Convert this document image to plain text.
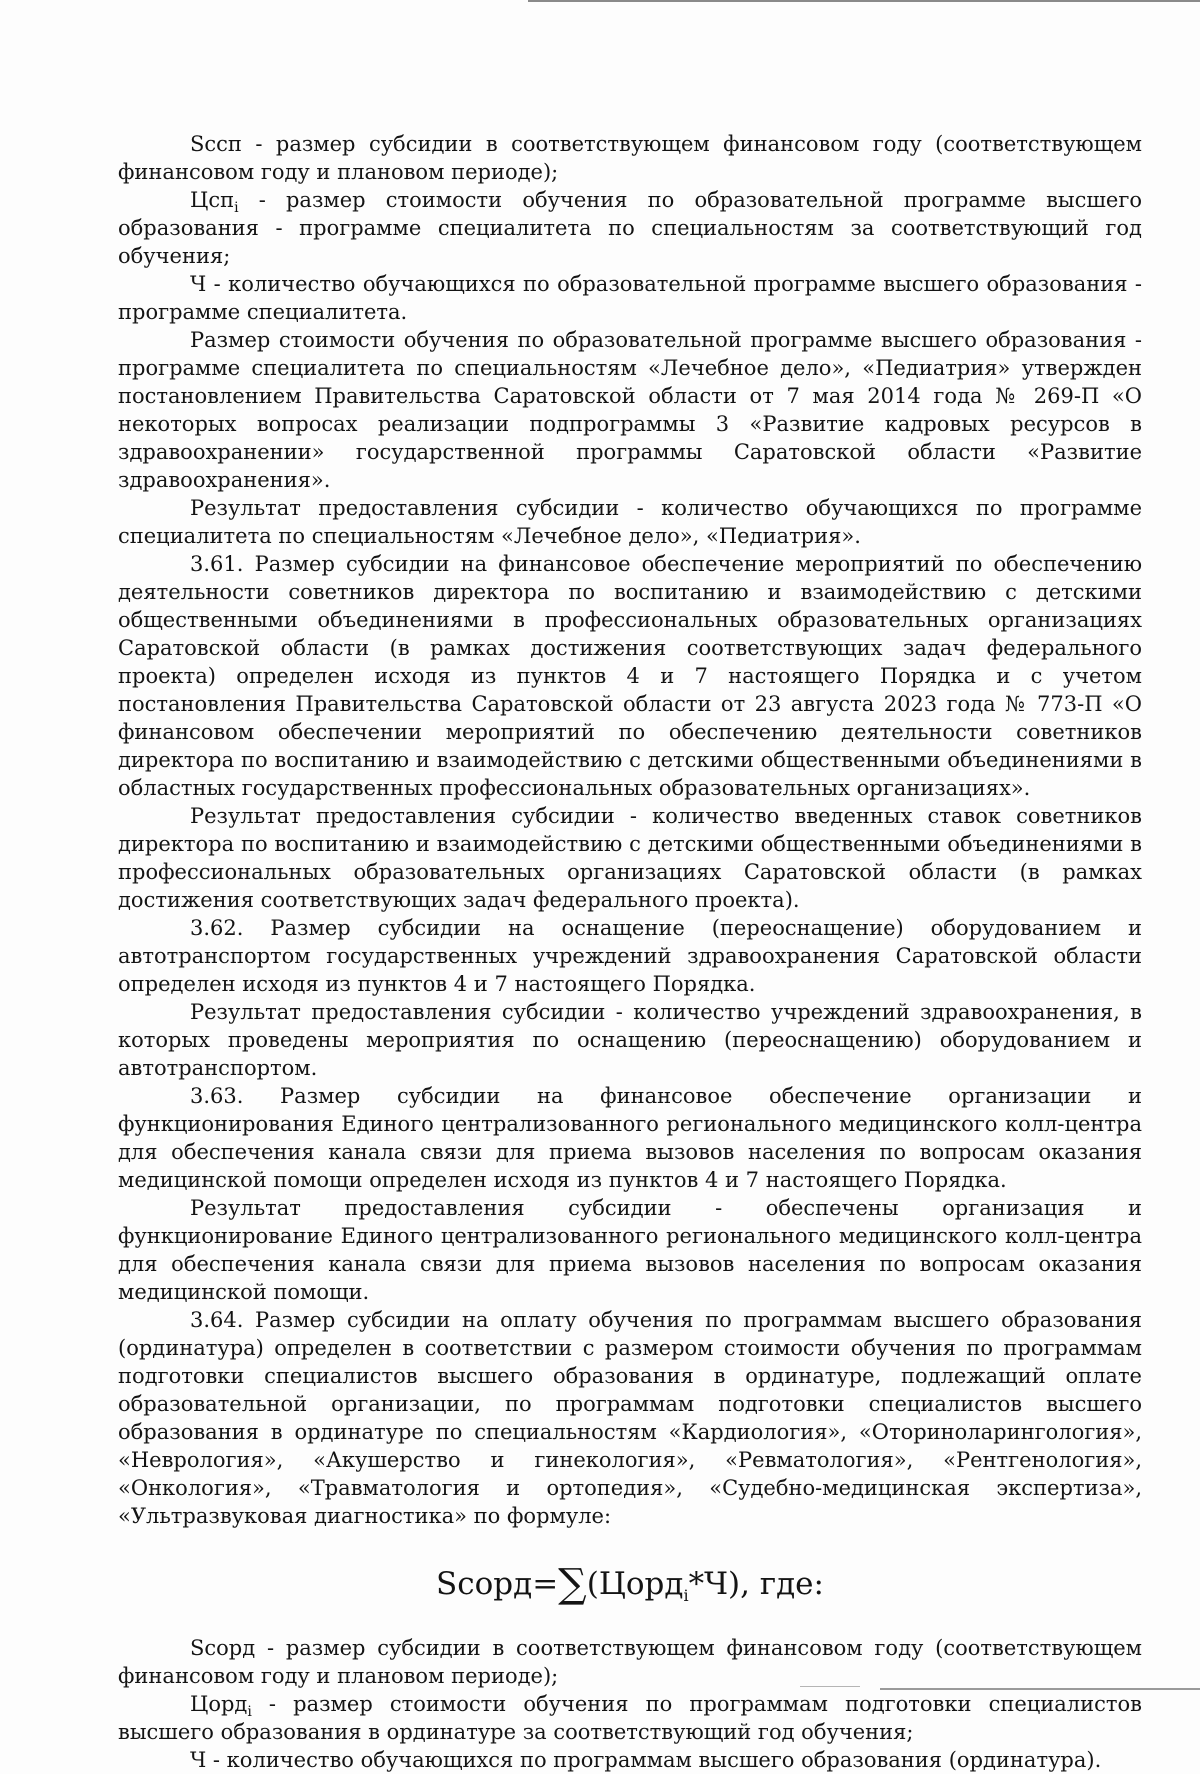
Sсcп - размер субсидии в соответствующем финансовом году (соответствующем финансовом году и плановом периоде);

Цсп$_i$ - размер стоимости обучения по образовательной программе высшего образования - программе специалитета по специальностям за соответствующий год обучения;

Ч - количество обучающихся по образовательной программе высшего образования - программе специалитета.

Размер стоимости обучения по образовательной программе высшего образования - программе специалитета по специальностям «Лечебное дело», «Педиатрия» утвержден постановлением Правительства Саратовской области от 7 мая 2014 года № 269-П «О некоторых вопросах реализации подпрограммы 3 «Развитие кадровых ресурсов в здравоохранении» государственной программы Саратовской области «Развитие здравоохранения».

Результат предоставления субсидии - количество обучающихся по программе специалитета по специальностям «Лечебное дело», «Педиатрия».

3.61. Размер субсидии на финансовое обеспечение мероприятий по обеспечению деятельности советников директора по воспитанию и взаимодействию с детскими общественными объединениями в профессиональных образовательных организациях Саратовской области (в рамках достижения соответствующих задач федерального проекта) определен исходя из пунктов 4 и 7 настоящего Порядка и с учетом постановления Правительства Саратовской области от 23 августа 2023 года № 773-П «О финансовом обеспечении мероприятий по обеспечению деятельности советников директора по воспитанию и взаимодействию с детскими общественными объединениями в областных государственных профессиональных образовательных организациях».

Результат предоставления субсидии - количество введенных ставок советников директора по воспитанию и взаимодействию с детскими общественными объединениями в профессиональных образовательных организациях Саратовской области (в рамках достижения соответствующих задач федерального проекта).

3.62. Размер субсидии на оснащение (переоснащение) оборудованием и автотранспортом государственных учреждений здравоохранения Саратовской области определен исходя из пунктов 4 и 7 настоящего Порядка.

Результат предоставления субсидии - количество учреждений здравоохранения, в которых проведены мероприятия по оснащению (переоснащению) оборудованием и автотранспортом.

3.63. Размер субсидии на финансовое обеспечение организации и функционирования Единого централизованного регионального медицинского колл-центра для обеспечения канала связи для приема вызовов населения по вопросам оказания медицинской помощи определен исходя из пунктов 4 и 7 настоящего Порядка.

Результат предоставления субсидии - обеспечены организация и функционирование Единого централизованного регионального медицинского колл-центра для обеспечения канала связи для приема вызовов населения по вопросам оказания медицинской помощи.

3.64. Размер субсидии на оплату обучения по программам высшего образования (ординатура) определен в соответствии с размером стоимости обучения по программам подготовки специалистов высшего образования в ординатуре, подлежащий оплате образовательной организации, по программам подготовки специалистов высшего образования в ординатуре по специальностям «Кардиология», «Оториноларингология», «Неврология», «Акушерство и гинекология», «Ревматология», «Рентгенология», «Онкология», «Травматология и ортопедия», «Судебно-медицинская экспертиза», «Ультразвуковая диагностика» по формуле:

Sсорд=∑(Цорд$_i$*Ч), где:

Sсорд - размер субсидии в соответствующем финансовом году (соответствующем финансовом году и плановом периоде);

Цорд$_i$ - размер стоимости обучения по программам подготовки специалистов высшего образования в ординатуре за соответствующий год обучения;

Ч - количество обучающихся по программам высшего образования (ординатура).
